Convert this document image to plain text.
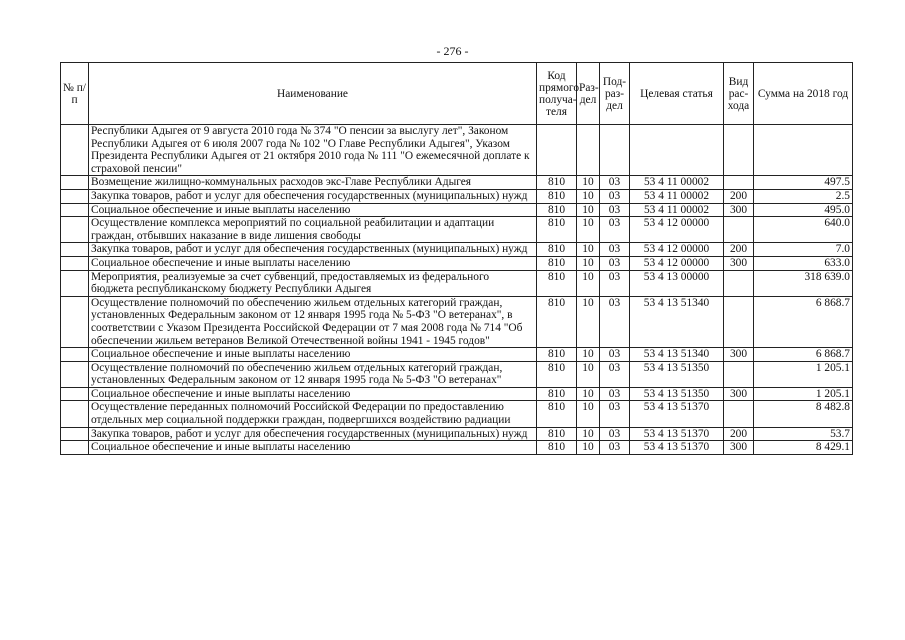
- 276 -
№ п/п	Наименование	Код прямого получа-теля	Раз-дел	Под-раз-дел	Целевая статья	Вид рас-хода	Сумма на 2018 год
	Республики Адыгея от 9 августа 2010 года № 374 "О пенсии за выслугу лет", Законом Республики Адыгея от 6 июля 2007 года № 102 "О Главе Республики Адыгея", Указом Президента Республики Адыгея от 21 октября 2010 года № 111 "О ежемесячной доплате к страховой пенсии"						
	Возмещение жилищно-коммунальных расходов экс-Главе Республики Адыгея	810	10	03	53 4 11 00002		497.5
	Закупка товаров, работ и услуг для обеспечения государственных (муниципальных) нужд	810	10	03	53 4 11 00002	200	2.5
	Социальное обеспечение и иные выплаты населению	810	10	03	53 4 11 00002	300	495.0
	Осуществление комплекса мероприятий по социальной реабилитации и адаптации граждан, отбывших наказание в виде лишения свободы	810	10	03	53 4 12 00000		640.0
	Закупка товаров, работ и услуг для обеспечения государственных (муниципальных) нужд	810	10	03	53 4 12 00000	200	7.0
	Социальное обеспечение и иные выплаты населению	810	10	03	53 4 12 00000	300	633.0
	Мероприятия, реализуемые за счет субвенций, предоставляемых из федерального бюджета республиканскому бюджету Республики Адыгея	810	10	03	53 4 13 00000		318 639.0
	Осуществление полномочий по обеспечению жильем отдельных категорий граждан, установленных Федеральным законом от 12 января 1995 года № 5-ФЗ "О ветеранах", в соответствии с Указом Президента Российской Федерации от 7 мая 2008 года № 714 "Об обеспечении жильем ветеранов Великой Отечественной войны 1941 - 1945 годов"	810	10	03	53 4 13 51340		6 868.7
	Социальное обеспечение и иные выплаты населению	810	10	03	53 4 13 51340	300	6 868.7
	Осуществление полномочий по обеспечению жильем отдельных категорий граждан, установленных Федеральным законом от 12 января 1995 года № 5-ФЗ "О ветеранах"	810	10	03	53 4 13 51350		1 205.1
	Социальное обеспечение и иные выплаты населению	810	10	03	53 4 13 51350	300	1 205.1
	Осуществление переданных полномочий Российской Федерации по предоставлению отдельных мер социальной поддержки граждан, подвергшихся воздействию радиации	810	10	03	53 4 13 51370		8 482.8
	Закупка товаров, работ и услуг для обеспечения государственных (муниципальных) нужд	810	10	03	53 4 13 51370	200	53.7
	Социальное обеспечение и иные выплаты населению	810	10	03	53 4 13 51370	300	8 429.1
